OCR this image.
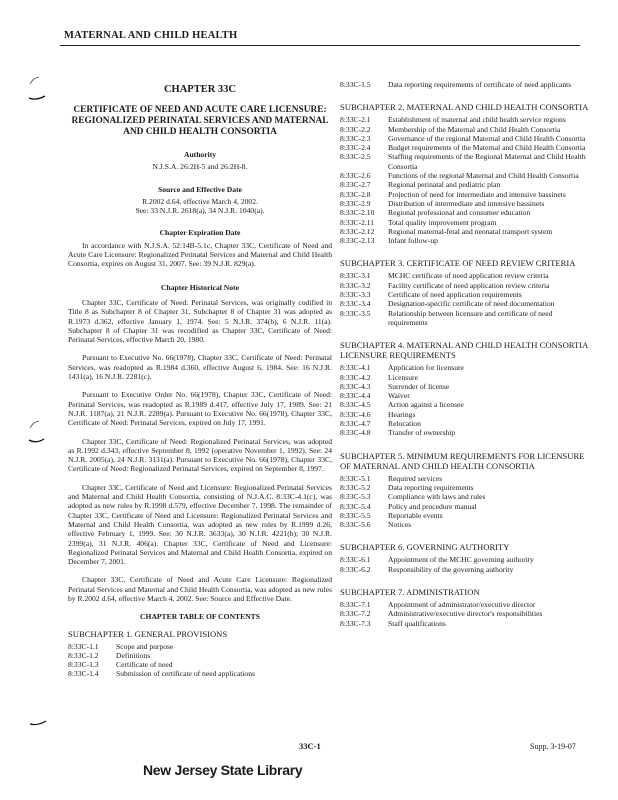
MATERNAL AND CHILD HEALTH
CHAPTER 33C
CERTIFICATE OF NEED AND ACUTE CARE LICENSURE: REGIONALIZED PERINATAL SERVICES AND MATERNAL AND CHILD HEALTH CONSORTIA
Authority
N.J.S.A. 26:2H-5 and 26:2H-8.
Source and Effective Date
R.2002 d.64, effective March 4, 2002.
See: 33 N.J.R. 2618(a), 34 N.J.R. 1040(a).
Chapter Expiration Date

In accordance with N.J.S.A. 52:14B-5.1c, Chapter 33C, Certificate of Need and Acute Care Licensure: Regionalized Perinatal Services and Maternal and Child Health Consortia, expires on August 31, 2007. See: 39 N.J.R. 829(a).

Chapter Historical Note

Chapter 33C, Certificate of Need: Perinatal Services, was originally codified in Title 8 as Subchapter 8 of Chapter 31. Subchapter 8 of Chapter 31 was adopted as R.1973 d.362, effective January 1, 1974. See: 5 N.J.R. 374(b), 6 N.J.R. 11(a). Subchapter 8 of Chapter 31 was recodified as Chapter 33C, Certificate of Need: Perinatal Services, effective March 20, 1980.

Pursuant to Executive No. 66(1978), Chapter 33C, Certificate of Need: Perinatal Services, was readopted as R.1984 d.360, effective August 6, 1984. See: 16 N.J.R. 1431(a), 16 N.J.R. 2281(c).

Pursuant to Executive Order No. 66(1978), Chapter 33C, Certificate of Need: Perinatal Services, was readopted as R.1989 d.417, effective July 17, 1989. See: 21 N.J.R. 1187(a), 21 N.J.R. 2289(a). Pursuant to Executive No. 66(1978), Chapter 33C, Certificate of Need: Perinatal Services, expired on July 17, 1991.

Chapter 33C, Certificate of Need: Regionalized Perinatal Services, was adopted as R.1992 d.343, effective September 8, 1992 (operative November 1, 1992). See: 24 N.J.R. 2005(a), 24 N.J.R. 3131(a). Pursuant to Executive No. 66(1978), Chapter 33C, Certificate of Need: Regionalized Perinatal Services, expired on September 8, 1997.

Chapter 33C, Certificate of Need and Licensure: Regionalized Perinatal Services and Maternal and Child Health Consortia, consisting of N.J.A.C. 8:33C-4.1(c), was adopted as new rules by R.1998 d.579, effective December 7, 1998. The remainder of Chapter 33C, Certificate of Need and Licensure: Regionalized Perinatal Services and Maternal and Child Health Consortia, was adopted as new rules by R.1999 d.26, effective February 1, 1999. See: 30 N.J.R. 3633(a), 30 N.J.R. 4221(b); 30 N.J.R. 2399(a), 31 N.J.R. 406(a). Chapter 33C, Certificate of Need and Licensure: Regionalized Perinatal Services and Maternal and Child Health Consortia, expired on December 7, 2001.

Chapter 33C, Certificate of Need and Acute Care Licensure: Regionalized Perinatal Services and Maternal and Child Health Consortia, was adopted as new rules by R.2002 d.64, effective March 4, 2002. See: Source and Effective Date.

CHAPTER TABLE OF CONTENTS
SUBCHAPTER 1. GENERAL PROVISIONS
8:33C-1.1	Scope and purpose
8:33C-1.2	Definitions
8:33C-1.3	Certificate of need
8:33C-1.4	Submission of certificate of need applications
8:33C-1.5	Data reporting requirements of certificate of need applicants
SUBCHAPTER 2. MATERNAL AND CHILD HEALTH CONSORTIA
8:33C-2.1	Establishment of maternal and child health service regions
8:33C-2.2	Membership of the Maternal and Child Health Consortia
8:33C-2.3	Governance of the regional Maternal and Child Health Consortia
8:33C-2.4	Budget requirements of the Maternal and Child Health Consortia
8:33C-2.5	Staffing requirements of the Regional Maternal and Child Health Consortia
8:33C-2.6	Functions of the regional Maternal and Child Health Consortia
8:33C-2.7	Regional perinatal and pediatric plan
8:33C-2.8	Projection of need for intermediate and intensive bassinets
8:33C-2.9	Distribution of intermediate and intensive bassinets
8:33C-2.10	Regional professional and consumer education
8:33C-2.11	Total quality improvement program
8:33C-2.12	Regional maternal-fetal and neonatal transport system
8:33C-2.13	Infant follow-up
SUBCHAPTER 3. CERTIFICATE OF NEED REVIEW CRITERIA
8:33C-3.1	MCHC certificate of need application review criteria
8:33C-3.2	Facility certificate of need application review criteria
8:33C-3.3	Certificate of need application requirements
8:33C-3.4	Designation-specific certificate of need documentation
8:33C-3.5	Relationship between licensure and certificate of need requirements
SUBCHAPTER 4. MATERNAL AND CHILD HEALTH CONSORTIA LICENSURE REQUIREMENTS
8:33C-4.1	Application for licensure
8:33C-4.2	Licensure
8:33C-4.3	Surrender of license
8:33C-4.4	Waiver
8:33C-4.5	Action against a licensee
8:33C-4.6	Hearings
8:33C-4.7	Relocation
8:33C-4.8	Transfer of ownership
SUBCHAPTER 5. MINIMUM REQUIREMENTS FOR LICENSURE OF MATERNAL AND CHILD HEALTH CONSORTIA
8:33C-5.1	Required services
8:33C-5.2	Data reporting requirements
8:33C-5.3	Compliance with laws and rules
8:33C-5.4	Policy and procedure manual
8:33C-5.5	Reportable events
8:33C-5.6	Notices
SUBCHAPTER 6. GOVERNING AUTHORITY
8:33C-6.1	Appointment of the MCHC governing authority
8:33C-6.2	Responsibility of the governing authority
SUBCHAPTER 7. ADMINISTRATION
8:33C-7.1	Appointment of administrator/executive director
8:33C-7.2	Administrative/executive director's responsibilities
8:33C-7.3	Staff qualifications
33C-1	Supp. 3-19-07
New Jersey State Library
